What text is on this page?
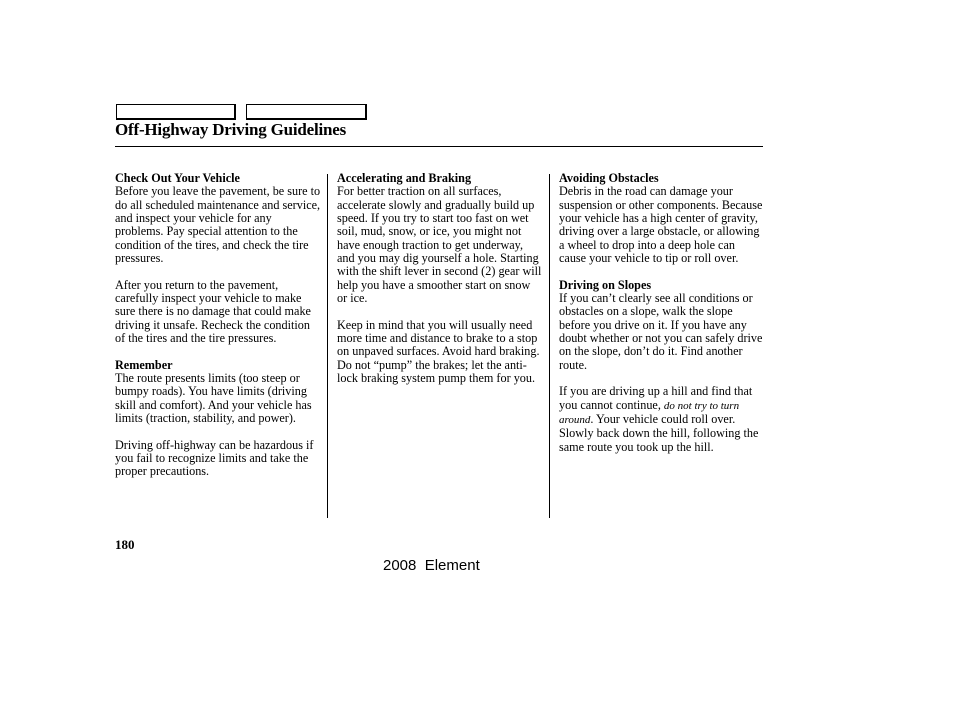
Off-Highway Driving Guidelines
Check Out Your Vehicle

Before you leave the pavement, be sure to do all scheduled maintenance and service, and inspect your vehicle for any problems. Pay special attention to the condition of the tires, and check the tire pressures.

After you return to the pavement, carefully inspect your vehicle to make sure there is no damage that could make driving it unsafe. Recheck the condition of the tires and the tire pressures.

Remember

The route presents limits (too steep or bumpy roads). You have limits (driving skill and comfort). And your vehicle has limits (traction, stability, and power).

Driving off-highway can be hazardous if you fail to recognize limits and take the proper precautions.

Accelerating and Braking

For better traction on all surfaces, accelerate slowly and gradually build up speed. If you try to start too fast on wet soil, mud, snow, or ice, you might not have enough traction to get underway, and you may dig yourself a hole. Starting with the shift lever in second (2) gear will help you have a smoother start on snow or ice.

Keep in mind that you will usually need more time and distance to brake to a stop on unpaved surfaces. Avoid hard braking. Do not “pump” the brakes; let the anti-lock braking system pump them for you.

Avoiding Obstacles

Debris in the road can damage your suspension or other components. Because your vehicle has a high center of gravity, driving over a large obstacle, or allowing a wheel to drop into a deep hole can cause your vehicle to tip or roll over.

Driving on Slopes

If you can’t clearly see all conditions or obstacles on a slope, walk the slope before you drive on it. If you have any doubt whether or not you can safely drive on the slope, don’t do it. Find another route.

If you are driving up a hill and find that you cannot continue, do not try to turn around. Your vehicle could roll over. Slowly back down the hill, following the same route you took up the hill.

180
2008  Element
